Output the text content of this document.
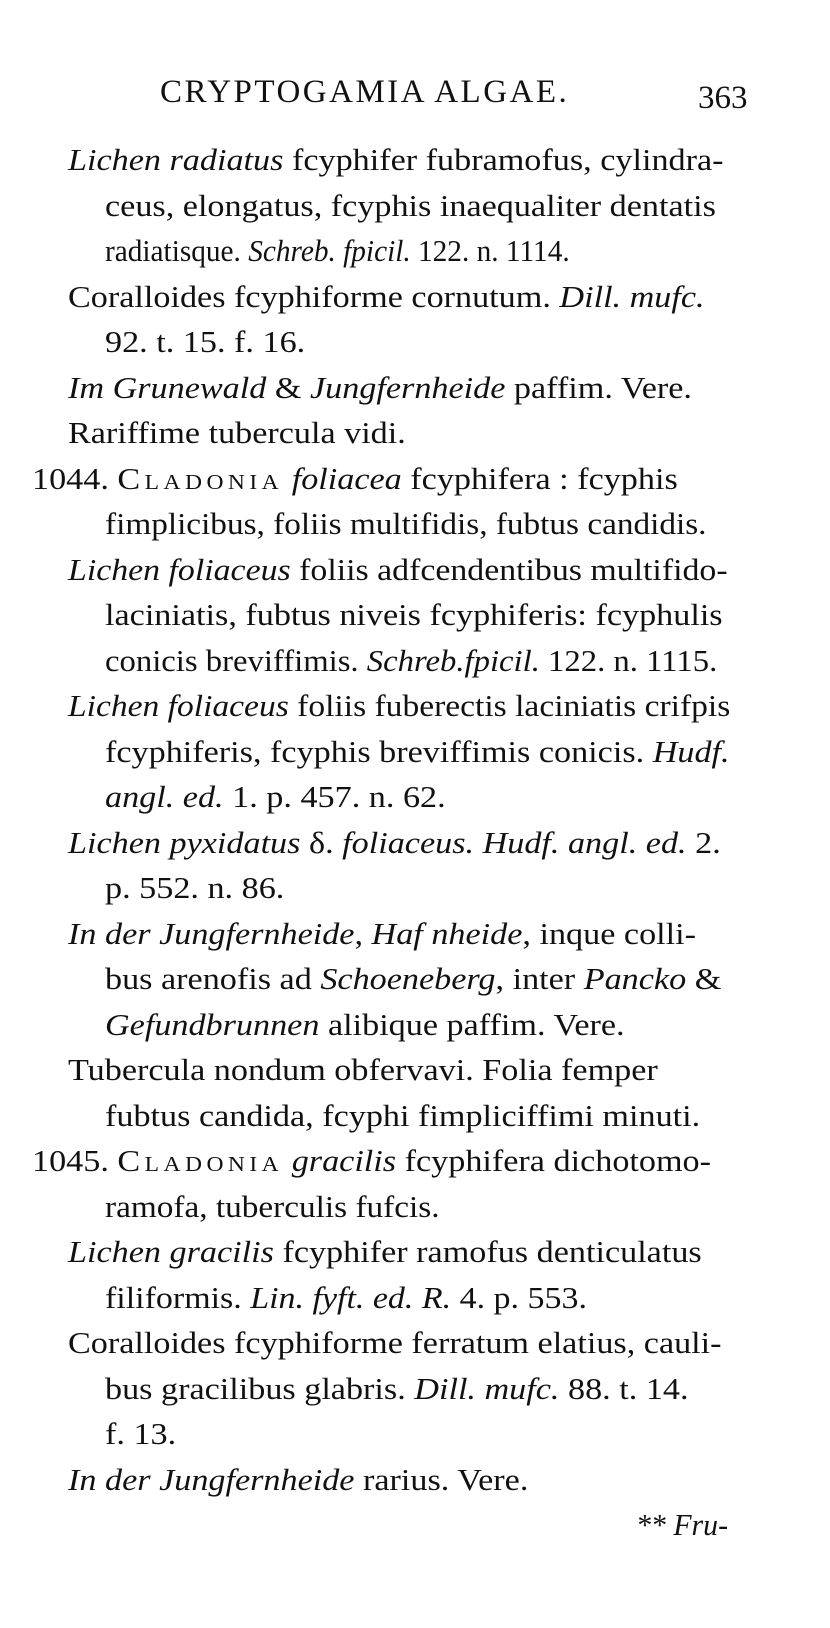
CRYPTOGAMIA ALGAE.	363
Lichen radiatus fcyphifer fubramofus, cylindra-
ceus, elongatus, fcyphis inaequaliter dentatis
radiatisque. Schreb. fpicil. 122. n. 1114.
Coralloides fcyphiforme cornutum. Dill. mufc.
92. t. 15. f. 16.
Im Grunewald & Jungfernheide paffim. Vere.
Rariffime tubercula vidi.
1044. Cladonia foliacea fcyphifera : fcyphis
fimplicibus, foliis multifidis, fubtus candidis.
Lichen foliaceus foliis adfcendentibus multifido-
laciniatis, fubtus niveis fcyphiferis: fcyphulis
conicis breviffimis. Schreb.fpicil. 122. n. 1115.
Lichen foliaceus foliis fuberectis laciniatis crifpis
fcyphiferis, fcyphis breviffimis conicis. Hudf.
angl. ed. 1. p. 457. n. 62.
Lichen pyxidatus δ. foliaceus. Hudf. angl. ed. 2.
p. 552. n. 86.
In der Jungfernheide, Haf nheide, inque colli-
bus arenofis ad Schoeneberg, inter Pancko &
Gefundbrunnen alibique paffim. Vere.
Tubercula nondum obfervavi. Folia femper
fubtus candida, fcyphi fimpliciffimi minuti.
1045. Cladonia gracilis fcyphifera dichotomo-
ramofa, tuberculis fufcis.
Lichen gracilis fcyphifer ramofus denticulatus
filiformis. Lin. fyft. ed. R. 4. p. 553.
Coralloides fcyphiforme ferratum elatius, cauli-
bus gracilibus glabris. Dill. mufc. 88. t. 14.
f. 13.
In der Jungfernheide rarius. Vere.
** Fru-
